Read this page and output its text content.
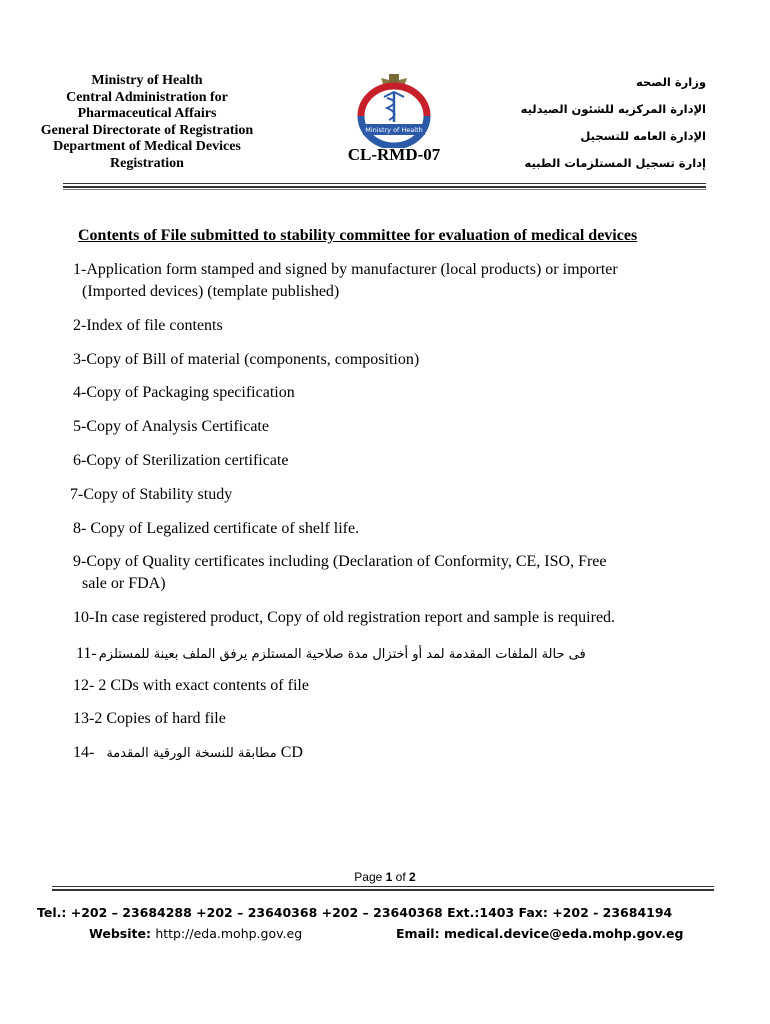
Ministry of Health
Central Administration for
Pharmaceutical Affairs
General Directorate of Registration
Department of Medical Devices
Registration
Ministry of Health
CL-RMD-07
وزارة الصحه
الإدارة المركزيه للشئون الصيدليه
الإدارة العامه للتسجيل
إدارة تسجيل المستلزمات الطبيه
Contents of File submitted to stability committee for evaluation of medical devices
1-Application form stamped and signed by manufacturer (local products) or importer
(Imported devices) (template published)
2-Index of file contents
3-Copy of Bill of material (components, composition)
4-Copy of Packaging specification
5-Copy of Analysis Certificate
6-Copy of Sterilization certificate
7-Copy of Stability study
8- Copy of Legalized certificate of shelf life.
9-Copy of Quality certificates including (Declaration of Conformity, CE, ISO, Free
sale or FDA)
10-In case registered product, Copy of old registration report and sample is required.
11- فى حالة الملفات المقدمة لمد أو أختزال مدة صلاحية المستلزم يرفق الملف بعينة للمستلزم
12- 2 CDs with exact contents of file
13-2 Copies of hard file
14- مطابقة للنسخة الورقية المقدمة CD
Page 1 of 2
Tel.: +202 – 23684288 +202 – 23640368 +202 – 23640368 Ext.:1403 Fax: +202 - 23684194
Website: http://eda.mohp.gov.eg	Email: medical.device@eda.mohp.gov.eg
